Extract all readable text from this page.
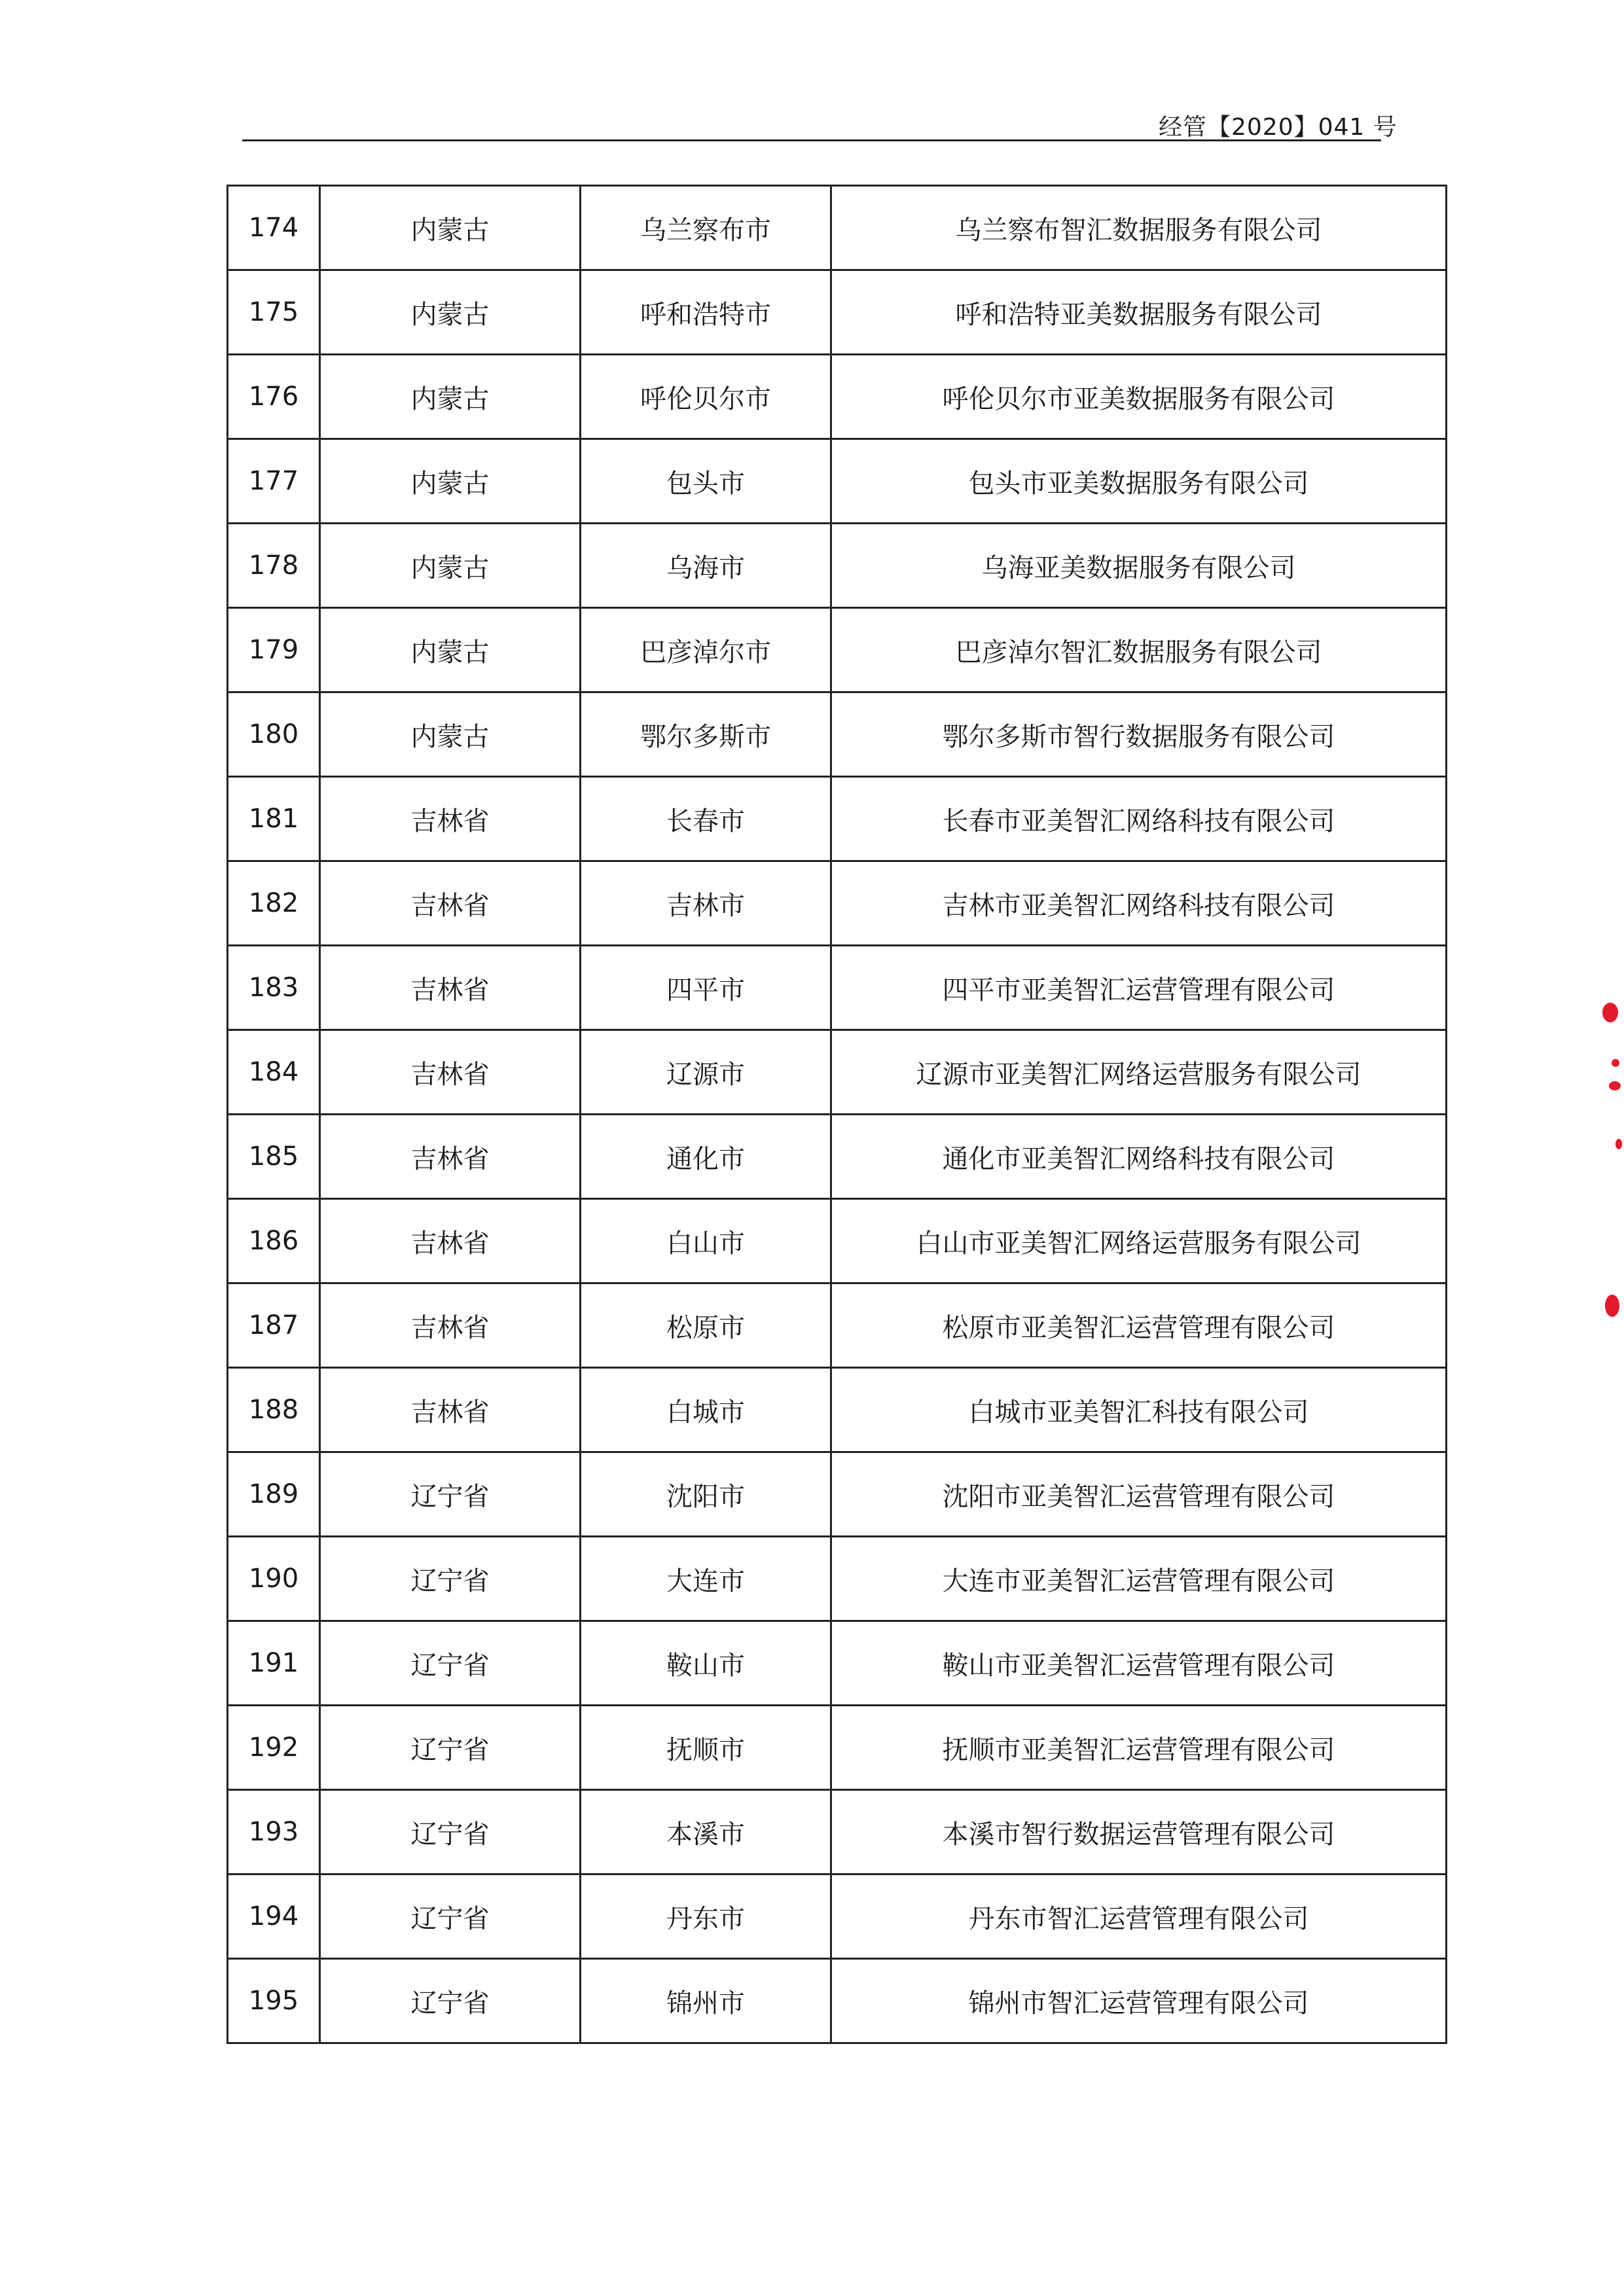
经管【2020】041 号
174	内蒙古	乌兰察布市	乌兰察布智汇数据服务有限公司
175	内蒙古	呼和浩特市	呼和浩特亚美数据服务有限公司
176	内蒙古	呼伦贝尔市	呼伦贝尔市亚美数据服务有限公司
177	内蒙古	包头市	包头市亚美数据服务有限公司
178	内蒙古	乌海市	乌海亚美数据服务有限公司
179	内蒙古	巴彦淖尔市	巴彦淖尔智汇数据服务有限公司
180	内蒙古	鄂尔多斯市	鄂尔多斯市智行数据服务有限公司
181	吉林省	长春市	长春市亚美智汇网络科技有限公司
182	吉林省	吉林市	吉林市亚美智汇网络科技有限公司
183	吉林省	四平市	四平市亚美智汇运营管理有限公司
184	吉林省	辽源市	辽源市亚美智汇网络运营服务有限公司
185	吉林省	通化市	通化市亚美智汇网络科技有限公司
186	吉林省	白山市	白山市亚美智汇网络运营服务有限公司
187	吉林省	松原市	松原市亚美智汇运营管理有限公司
188	吉林省	白城市	白城市亚美智汇科技有限公司
189	辽宁省	沈阳市	沈阳市亚美智汇运营管理有限公司
190	辽宁省	大连市	大连市亚美智汇运营管理有限公司
191	辽宁省	鞍山市	鞍山市亚美智汇运营管理有限公司
192	辽宁省	抚顺市	抚顺市亚美智汇运营管理有限公司
193	辽宁省	本溪市	本溪市智行数据运营管理有限公司
194	辽宁省	丹东市	丹东市智汇运营管理有限公司
195	辽宁省	锦州市	锦州市智汇运营管理有限公司
